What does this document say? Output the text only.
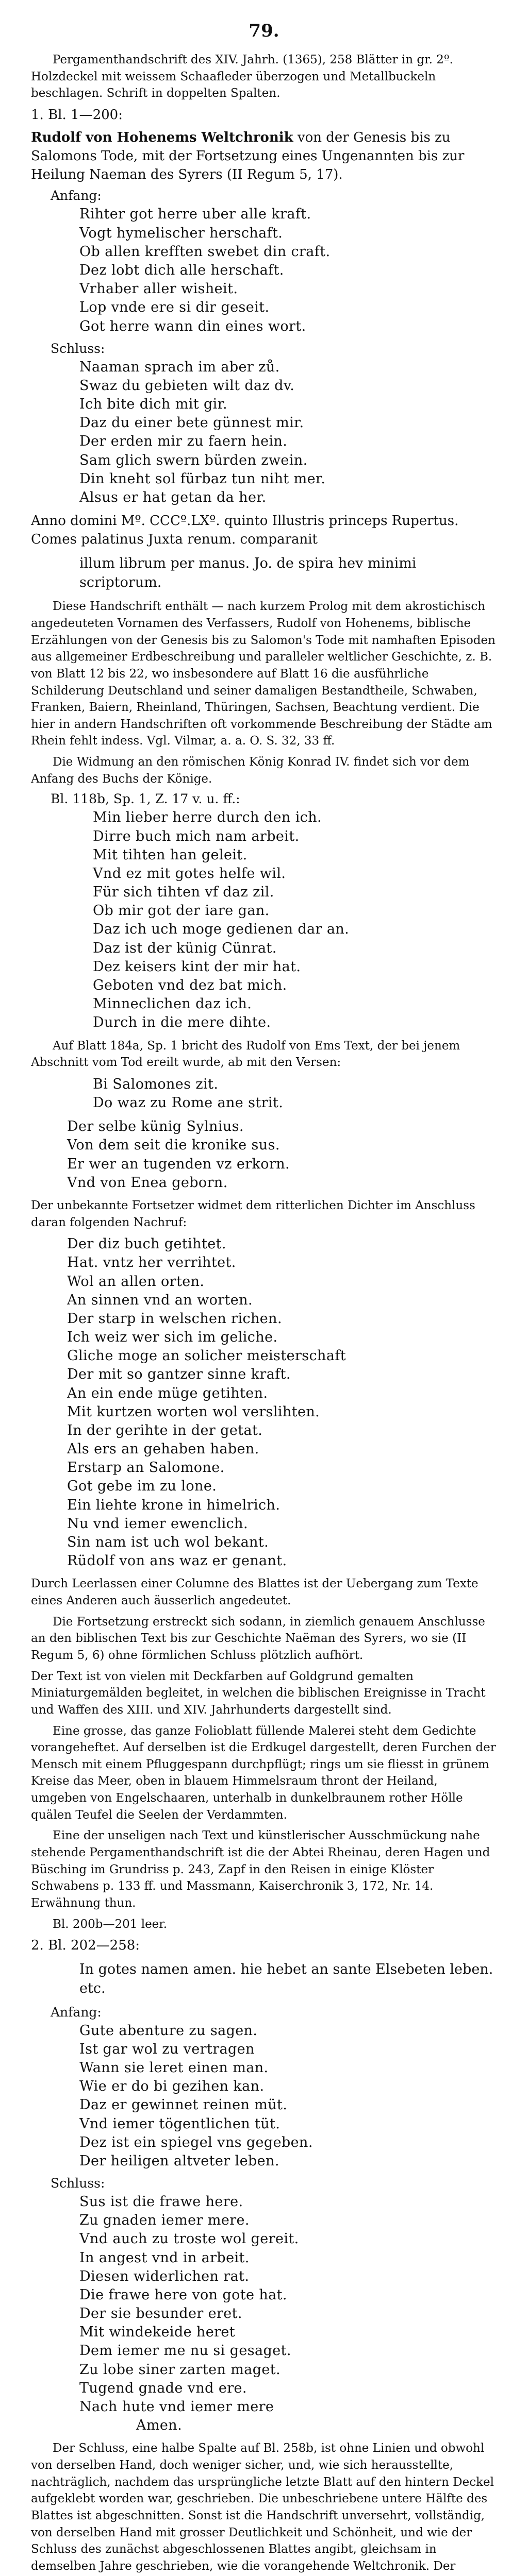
79.

Pergamenthandschrift des XIV. Jahrh. (1365), 258 Blätter in gr. 2º. Holzdeckel mit weissem Schaafleder überzogen und Metallbuckeln beschlagen. Schrift in doppelten Spalten.

1. Bl. 1—200:

Rudolf von Hohenems Weltchronik von der Genesis bis zu Salomons Tode, mit der Fortsetzung eines Ungenannten bis zur Heilung Naeman des Syrers (II Regum 5, 17).

Anfang:
Rihter got herre uber alle kraft.
Vogt hymelischer herschaft.
Ob allen krefften swebet din craft.
Dez lobt dich alle herschaft.
Vrhaber aller wisheit.
Lop vnde ere si dir geseit.
Got herre wann din eines wort.
Schluss:
Naaman sprach im aber zů.
Swaz du gebieten wilt daz dv.
Ich bite dich mit gir.
Daz du einer bete günnest mir.
Der erden mir zu faern hein.
Sam glich swern bürden zwein.
Din kneht sol fürbaz tun niht mer.
Alsus er hat getan da her.

Anno domini Mº. CCCº.LXº. quinto Illustris princeps Rupertus. Comes palatinus Juxta renum. comparanit

illum librum per manus. Jo. de spira hev minimi scriptorum.

Diese Handschrift enthält — nach kurzem Prolog mit dem akrostichisch angedeuteten Vornamen des Verfassers, Rudolf von Hohenems, biblische Erzählungen von der Genesis bis zu Salomon's Tode mit namhaften Episoden aus allgemeiner Erdbeschreibung und paralleler weltlicher Geschichte, z. B. von Blatt 12 bis 22, wo insbesondere auf Blatt 16 die ausführliche Schilderung Deutschland und seiner damaligen Bestandtheile, Schwaben, Franken, Baiern, Rheinland, Thüringen, Sachsen, Beachtung verdient. Die hier in andern Handschriften oft vorkommende Beschreibung der Städte am Rhein fehlt indess. Vgl. Vilmar, a. a. O. S. 32, 33 ff.

Die Widmung an den römischen König Konrad IV. findet sich vor dem Anfang des Buchs der Könige.

Bl. 118b, Sp. 1, Z. 17 v. u. ff.:
Min lieber herre durch den ich.
Dirre buch mich nam arbeit.
Mit tihten han geleit.
Vnd ez mit gotes helfe wil.
Für sich tihten vf daz zil.
Ob mir got der iare gan.
Daz ich uch moge gedienen dar an.
Daz ist der künig Cünrat.
Dez keisers kint der mir hat.
Geboten vnd dez bat mich.
Minneclichen daz ich.
Durch in die mere dihte.

Auf Blatt 184a, Sp. 1 bricht des Rudolf von Ems Text, der bei jenem Abschnitt vom Tod ereilt wurde, ab mit den Versen:

Bi Salomones zit.
Do waz zu Rome ane strit.
Der selbe künig Sylnius.
Von dem seit die kronike sus.
Er wer an tugenden vz erkorn.
Vnd von Enea geborn.

Der unbekannte Fortsetzer widmet dem ritterlichen Dichter im Anschluss daran folgenden Nachruf:

Der diz buch getihtet.
Hat. vntz her verrihtet.
Wol an allen orten.
An sinnen vnd an worten.
Der starp in welschen richen.
Ich weiz wer sich im geliche.
Gliche moge an solicher meisterschaft
Der mit so gantzer sinne kraft.
An ein ende müge getihten.
Mit kurtzen worten wol verslihten.
In der gerihte in der getat.
Als ers an gehaben haben.
Erstarp an Salomone.
Got gebe im zu lone.
Ein liehte krone in himelrich.
Nu vnd iemer ewenclich.
Sin nam ist uch wol bekant.
Rüdolf von ans waz er genant.

Durch Leerlassen einer Columne des Blattes ist der Uebergang zum Texte eines Anderen auch äusserlich angedeutet.

Die Fortsetzung erstreckt sich sodann, in ziemlich genauem Anschlusse an den biblischen Text bis zur Geschichte Naëman des Syrers, wo sie (II Regum 5, 6) ohne förmlichen Schluss plötzlich aufhört.

Der Text ist von vielen mit Deckfarben auf Goldgrund gemalten Miniaturgemälden begleitet, in welchen die biblischen Ereignisse in Tracht und Waffen des XIII. und XIV. Jahrhunderts dargestellt sind.

Eine grosse, das ganze Folioblatt füllende Malerei steht dem Gedichte vorangeheftet. Auf derselben ist die Erdkugel dargestellt, deren Furchen der Mensch mit einem Pfluggespann durchpflügt; rings um sie fliesst in grünem Kreise das Meer, oben in blauem Himmelsraum thront der Heiland, umgeben von Engelschaaren, unterhalb in dunkelbraunem rother Hölle quälen Teufel die Seelen der Verdammten.

Eine der unseligen nach Text und künstlerischer Ausschmückung nahe stehende Pergamenthandschrift ist die der Abtei Rheinau, deren Hagen und Büsching im Grundriss p. 243, Zapf in den Reisen in einige Klöster Schwabens p. 133 ff. und Massmann, Kaiserchronik 3, 172, Nr. 14. Erwähnung thun.

Bl. 200b—201 leer.

2. Bl. 202—258:

In gotes namen amen. hie hebet an sante Elsebeten leben. etc.

Anfang:
Gute abenture zu sagen.
Ist gar wol zu vertragen
Wann sie leret einen man.
Wie er do bi gezihen kan.
Daz er gewinnet reinen müt.
Vnd iemer tögentlichen tüt.
Dez ist ein spiegel vns gegeben.
Der heiligen altveter leben.
Schluss:
Sus ist die frawe here.
Zu gnaden iemer mere.
Vnd auch zu troste wol gereit.
In angest vnd in arbeit.
Diesen widerlichen rat.
Die frawe here von gote hat.
Der sie besunder eret.
Mit windekeide heret
Dem iemer me nu si gesaget.
Zu lobe siner zarten maget.
Tugend gnade vnd ere.
Nach hute vnd iemer mere
Amen.

Der Schluss, eine halbe Spalte auf Bl. 258b, ist ohne Linien und obwohl von derselben Hand, doch weniger sicher, und, wie sich herausstellte, nachträglich, nachdem das ursprüngliche letzte Blatt auf den hintern Deckel aufgeklebt worden war, geschrieben. Die unbeschriebene untere Hälfte des Blattes ist abgeschnitten. Sonst ist die Handschrift unversehrt, vollständig, von derselben Hand mit grosser Deutlichkeit und Schönheit, und wie der Schluss des zunächst abgeschlossenen Blattes angibt, gleichsam in demselben Jahre geschrieben, wie die vorangehende Weltchronik. Der
